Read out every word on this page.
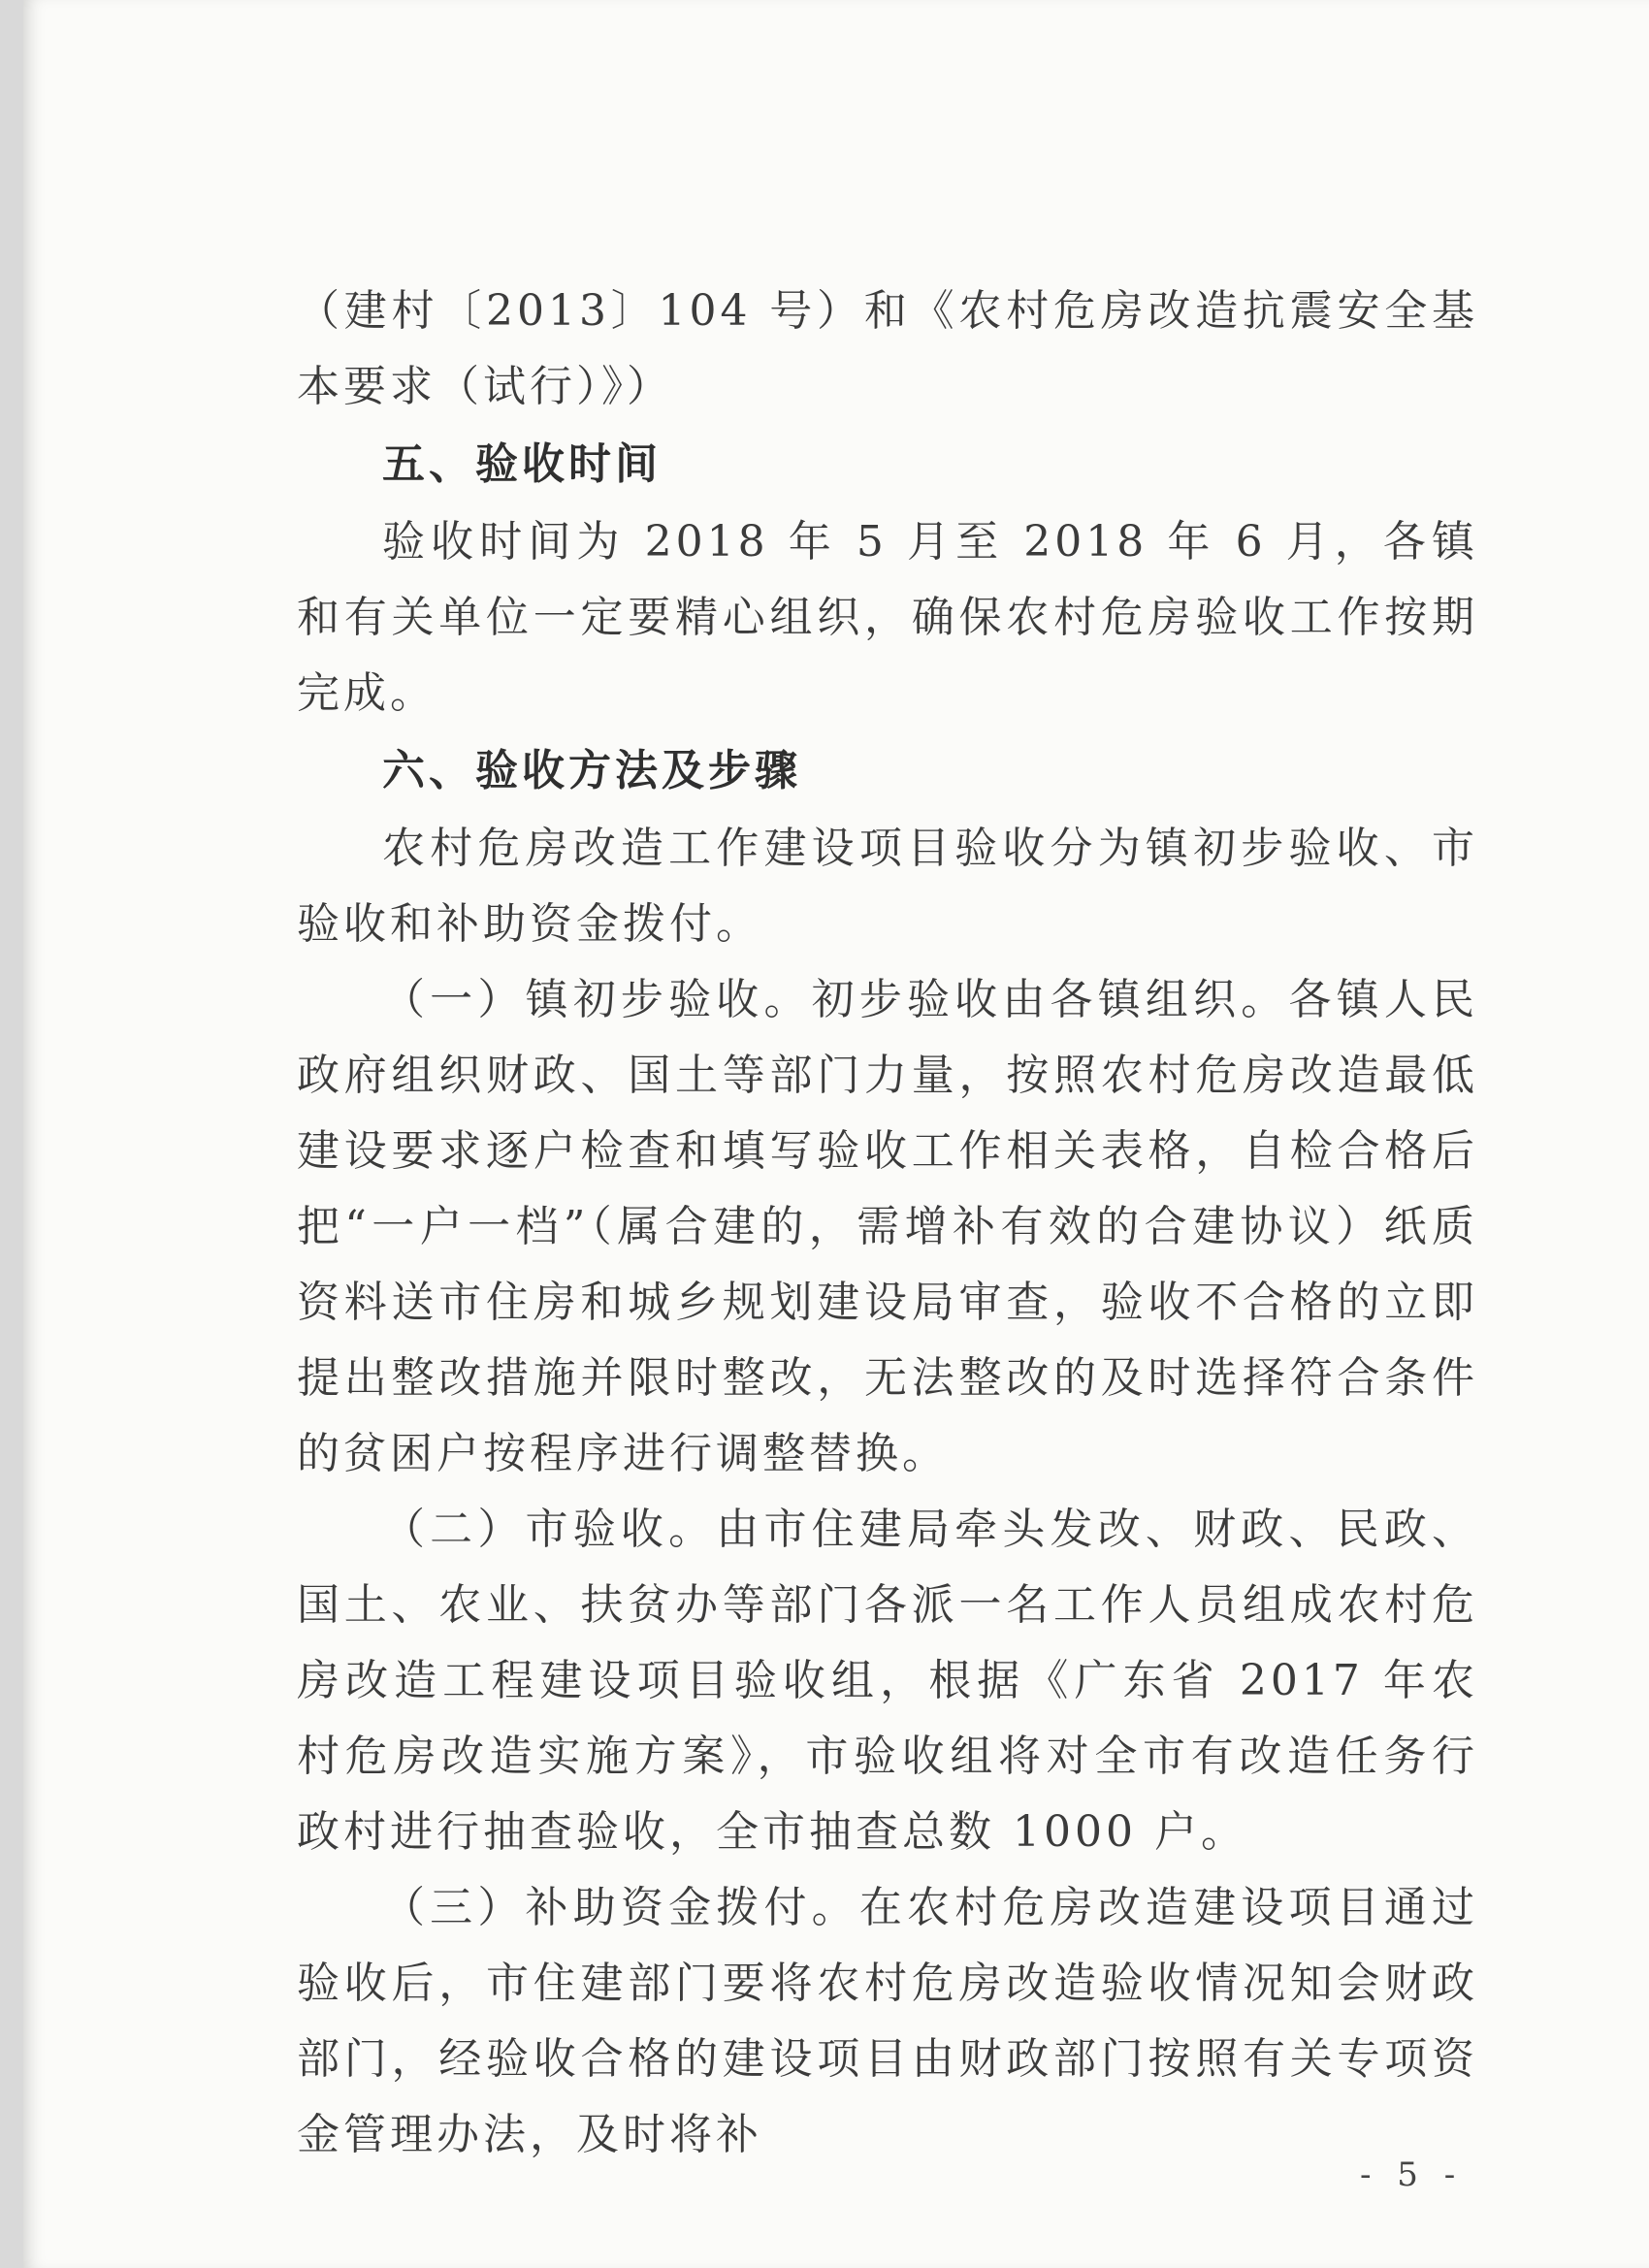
（建村〔2013〕104 号）和《农村危房改造抗震安全基本要求（试行）》）

五、验收时间

验收时间为 2018 年 5 月至 2018 年 6 月，各镇和有关单位一定要精心组织，确保农村危房验收工作按期完成。

六、验收方法及步骤

农村危房改造工作建设项目验收分为镇初步验收、市验收和补助资金拨付。

（一）镇初步验收。初步验收由各镇组织。各镇人民政府组织财政、国土等部门力量，按照农村危房改造最低建设要求逐户检查和填写验收工作相关表格，自检合格后把“一户一档”（属合建的，需增补有效的合建协议）纸质资料送市住房和城乡规划建设局审查，验收不合格的立即提出整改措施并限时整改，无法整改的及时选择符合条件的贫困户按程序进行调整替换。

（二）市验收。由市住建局牵头发改、财政、民政、国土、农业、扶贫办等部门各派一名工作人员组成农村危房改造工程建设项目验收组，根据《广东省 2017 年农村危房改造实施方案》，市验收组将对全市有改造任务行政村进行抽查验收，全市抽查总数 1000 户。

（三）补助资金拨付。在农村危房改造建设项目通过验收后，市住建部门要将农村危房改造验收情况知会财政部门，经验收合格的建设项目由财政部门按照有关专项资金管理办法，及时将补

- 5 -
